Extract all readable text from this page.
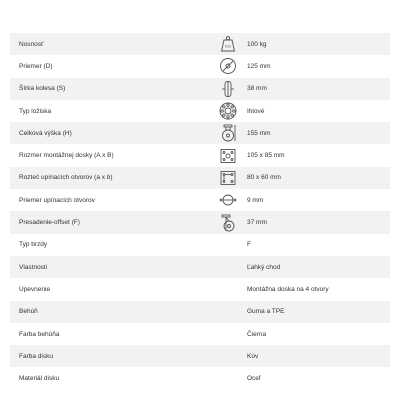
Nosnosť	KG	100 kg
Priemer (D)	125 mm
Šírka kolesa (S)	38 mm
Typ ložiska	Ihlové
Celková výška (H)	155 mm
Rozmer montážnej dosky (A x B)	105 x 85 mm
Rozteč upínacích otvorov (a x b)	80 x 60 mm
Priemer upínacích otvorov	9 mm
Presadenie-offset (F)	37 mm
Typ brzdy	F
Vlastnosti	Ľahký chod
Upevnenie	Montážna doska na 4 otvory
Behúň	Guma a TPE
Farba behúňa	Čierna
Farba disku	Kov
Materiál disku	Oceľ
